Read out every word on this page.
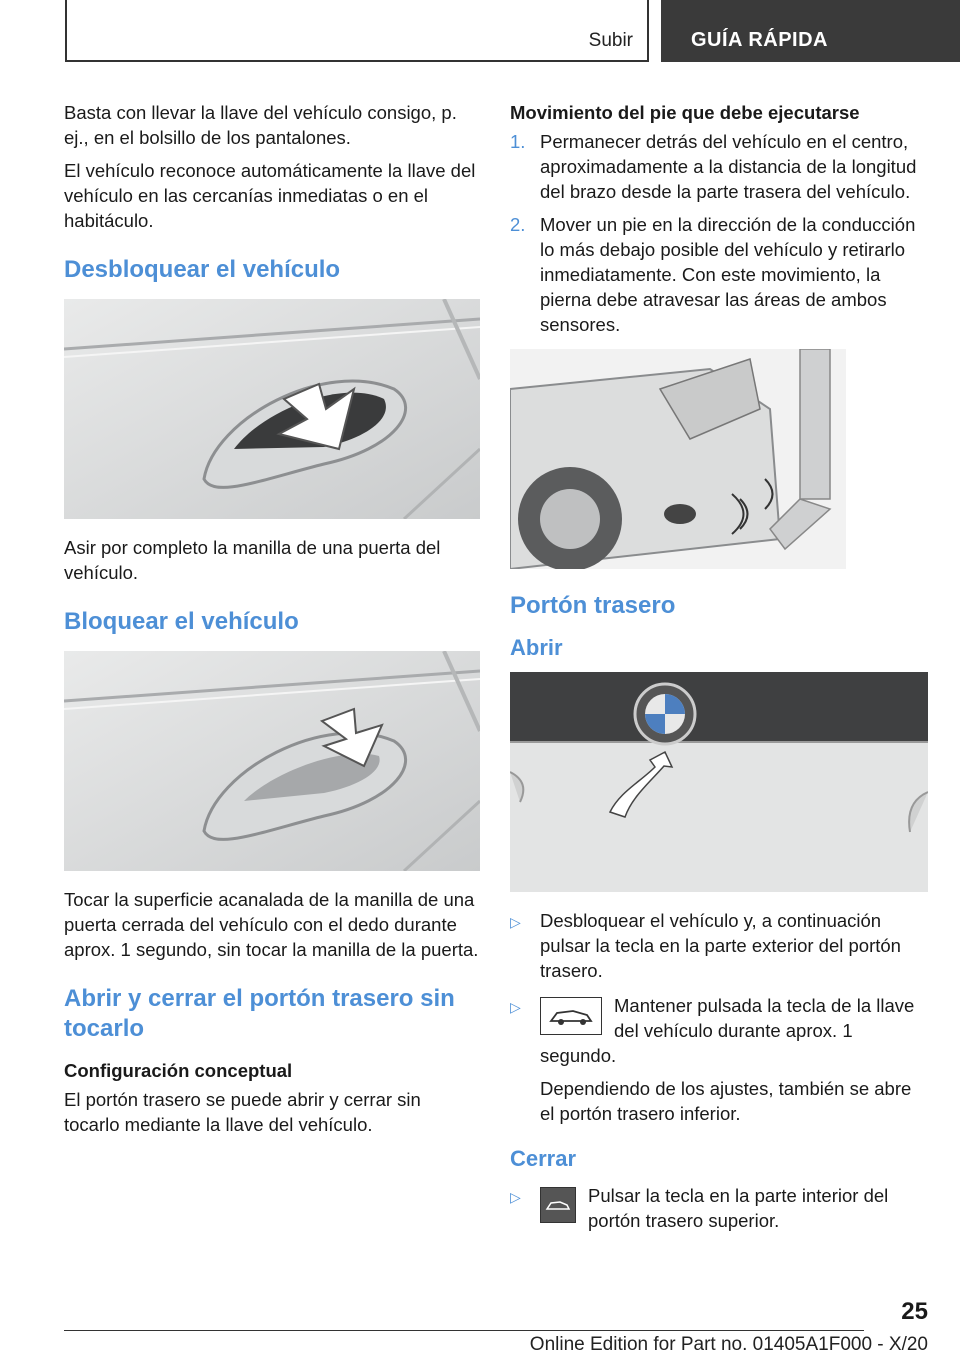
Subir	GUÍA RÁPIDA

Basta con llevar la llave del vehículo consigo, p. ej., en el bolsillo de los pantalones.

El vehículo reconoce automáticamente la llave del vehículo en las cercanías inmediatas o en el habitáculo.

Desbloquear el vehículo

Asir por completo la manilla de una puerta del vehículo.

Bloquear el vehículo

Tocar la superficie acanalada de la manilla de una puerta cerrada del vehículo con el dedo durante aprox. 1 segundo, sin tocar la manilla de la puerta.

Abrir y cerrar el portón trasero sin tocarlo
Configuración conceptual

El portón trasero se puede abrir y cerrar sin tocarlo mediante la llave del vehículo.

Movimiento del pie que debe ejecutarse
1. Permanecer detrás del vehículo en el centro, aproximadamente a la distancia de la longitud del brazo desde la parte trasera del vehículo.
2. Mover un pie en la dirección de la conducción lo más debajo posible del vehículo y retirarlo inmediatamente. Con este movimiento, la pierna debe atravesar las áreas de ambos sensores.
Portón trasero
Abrir
▷	Desbloquear el vehículo y, a continuación pulsar la tecla en la parte exterior del portón trasero.
▷	Mantener pulsada la tecla de la llave del vehículo durante aprox. 1 segundo.

Dependiendo de los ajustes, también se abre el portón trasero inferior.

Cerrar
▷	Pulsar la tecla en la parte interior del portón trasero superior.
25
Online Edition for Part no. 01405A1F000 - X/20
